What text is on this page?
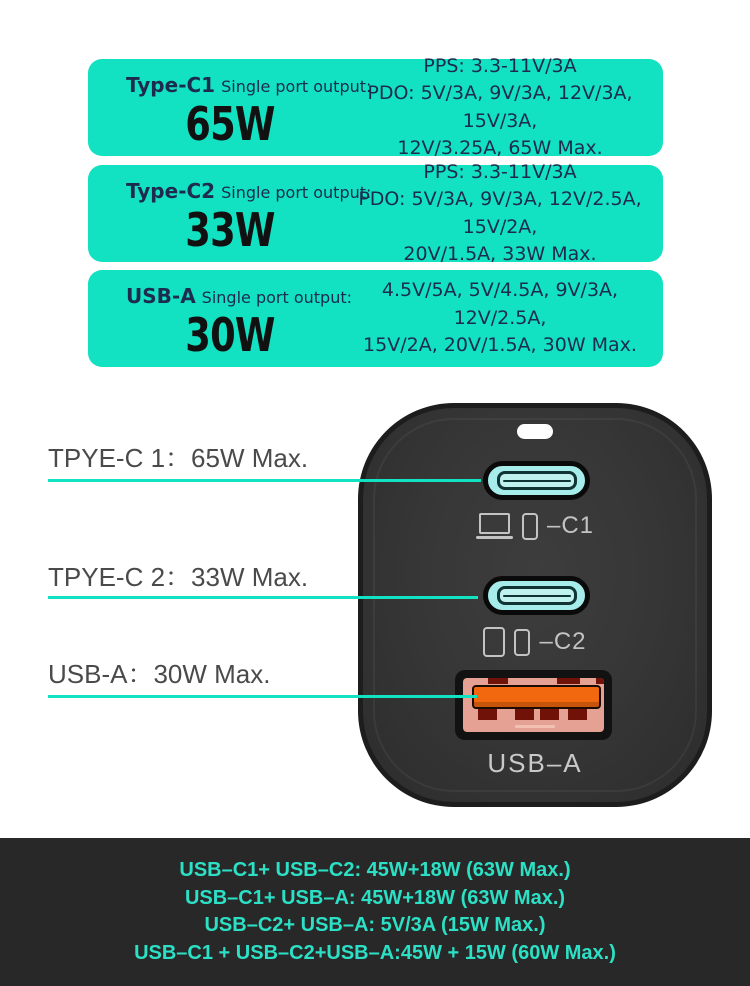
Type-C1 Single port output:
65W
PPS: 3.3-11V/3A
PDO: 5V/3A, 9V/3A, 12V/3A, 15V/3A,
12V/3.25A, 65W Max.
Type-C2 Single port output:
33W
PPS: 3.3-11V/3A
PDO: 5V/3A, 9V/3A, 12V/2.5A, 15V/2A,
20V/1.5A, 33W Max.
USB-A Single port output:
30W
4.5V/5A, 5V/4.5A, 9V/3A, 12V/2.5A,
15V/2A, 20V/1.5A, 30W Max.
TPYE-C 1：65W Max.
TPYE-C 2：33W Max.
USB-A：30W Max.
–C1
–C2
USB–A
USB–C1+ USB–C2: 45W+18W (63W Max.)
USB–C1+ USB–A: 45W+18W (63W Max.)
USB–C2+ USB–A: 5V/3A (15W Max.)
USB–C1 + USB–C2+USB–A:45W + 15W (60W Max.)
